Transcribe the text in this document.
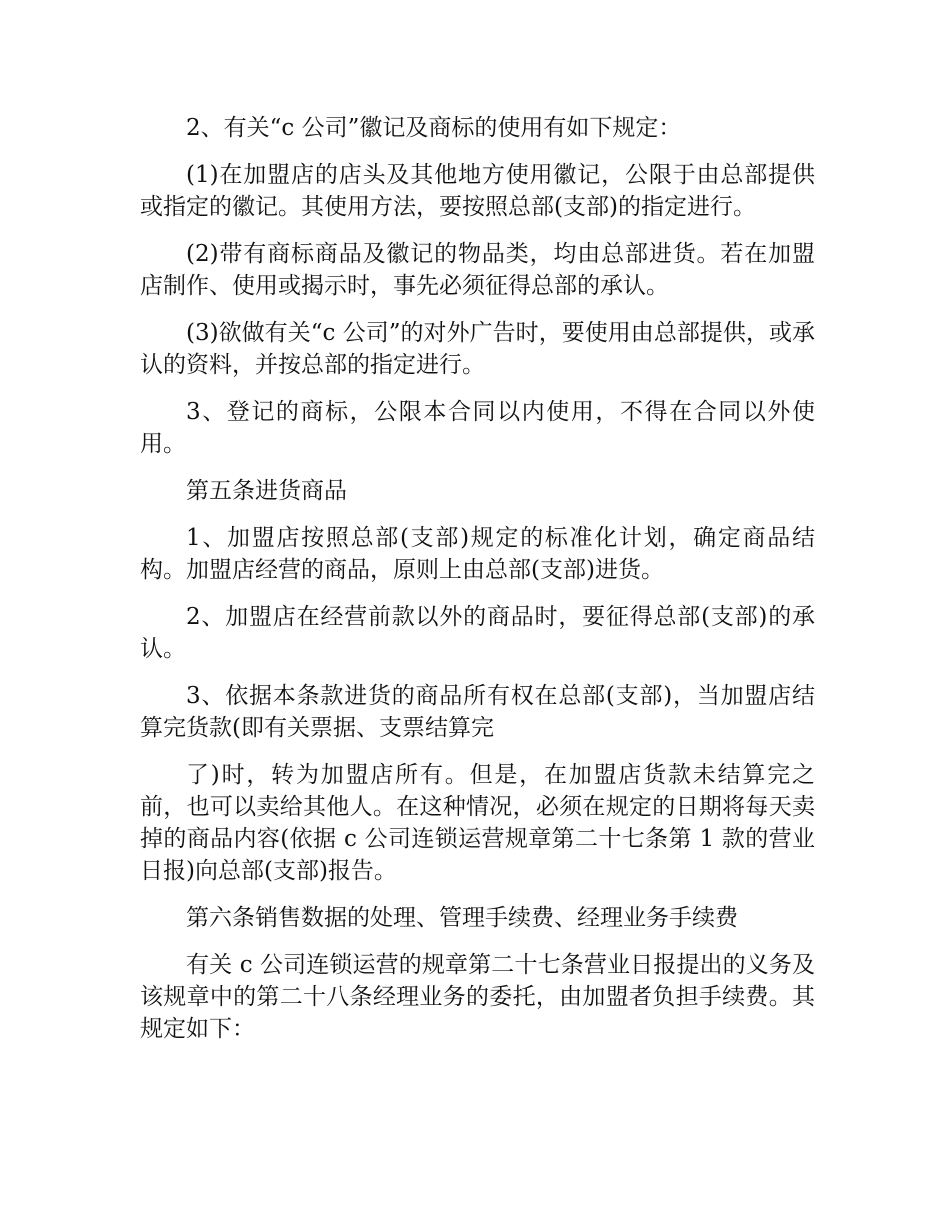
2、有关“c 公司”徽记及商标的使用有如下规定：

(1)在加盟店的店头及其他地方使用徽记，公限于由总部提供或指定的徽记。其使用方法，要按照总部(支部)的指定进行。

(2)带有商标商品及徽记的物品类，均由总部进货。若在加盟店制作、使用或揭示时，事先必须征得总部的承认。

(3)欲做有关“c 公司”的对外广告时，要使用由总部提供，或承认的资料，并按总部的指定进行。

3、登记的商标，公限本合同以内使用，不得在合同以外使用。

第五条进货商品

1、加盟店按照总部(支部)规定的标准化计划，确定商品结构。加盟店经营的商品，原则上由总部(支部)进货。

2、加盟店在经营前款以外的商品时，要征得总部(支部)的承认。

3、依据本条款进货的商品所有权在总部(支部)，当加盟店结算完货款(即有关票据、支票结算完

了)时，转为加盟店所有。但是，在加盟店货款未结算完之前，也可以卖给其他人。在这种情况，必须在规定的日期将每天卖掉的商品内容(依据 c 公司连锁运营规章第二十七条第 1 款的营业日报)向总部(支部)报告。

第六条销售数据的处理、管理手续费、经理业务手续费

有关 c 公司连锁运营的规章第二十七条营业日报提出的义务及该规章中的第二十八条经理业务的委托，由加盟者负担手续费。其规定如下：
